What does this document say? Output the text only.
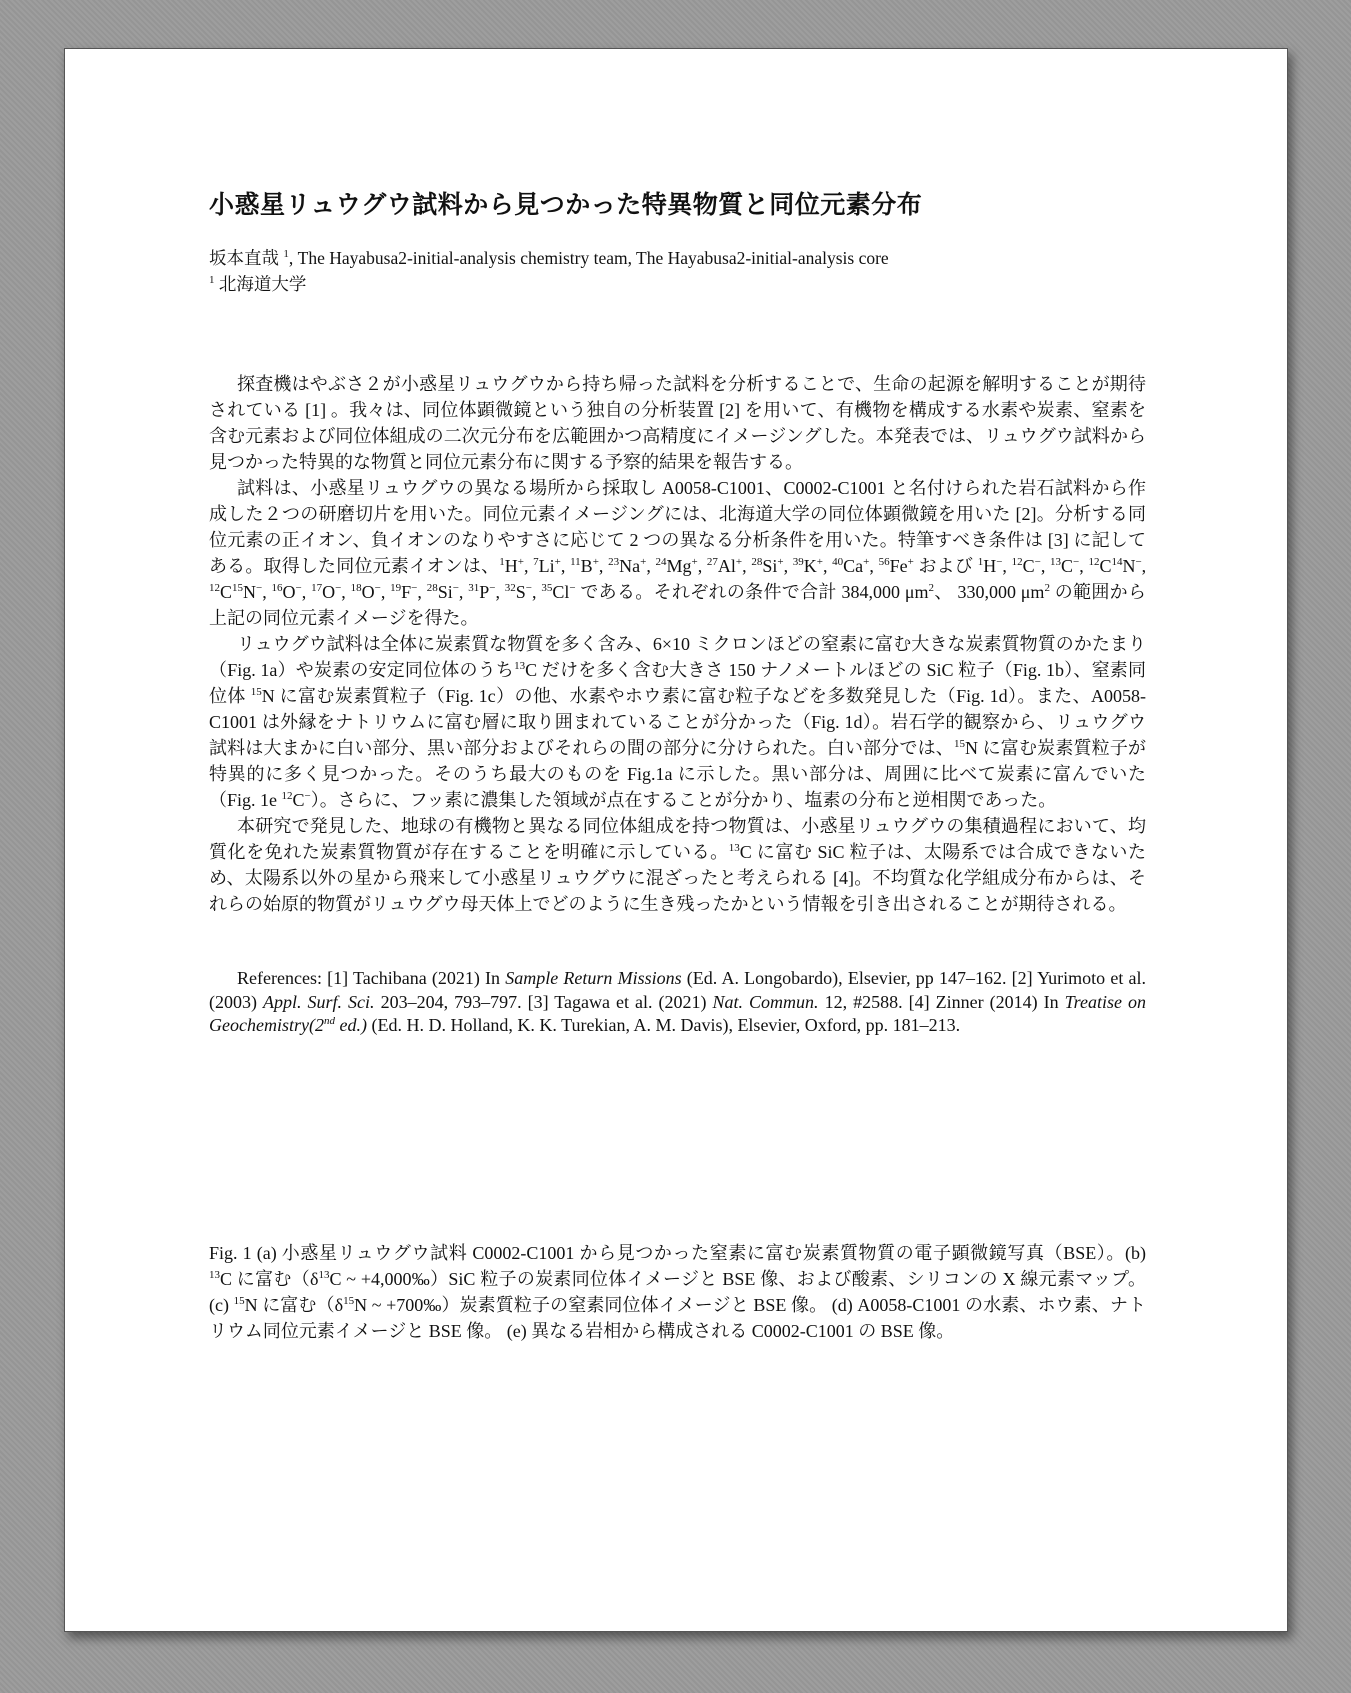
小惑星リュウグウ試料から見つかった特異物質と同位元素分布
坂本直哉 $^1$, The Hayabusa2-initial-analysis chemistry team, The Hayabusa2-initial-analysis core
$^1$ 北海道大学

探査機はやぶさ２が小惑星リュウグウから持ち帰った試料を分析することで、生命の起源を解明することが期待されている [1] 。我々は、同位体顕微鏡という独自の分析装置 [2] を用いて、有機物を構成する水素や炭素、窒素を含む元素および同位体組成の二次元分布を広範囲かつ高精度にイメージングした。本発表では、リュウグウ試料から見つかった特異的な物質と同位元素分布に関する予察的結果を報告する。

試料は、小惑星リュウグウの異なる場所から採取し A0058-C1001、C0002-C1001 と名付けられた岩石試料から作成した２つの研磨切片を用いた。同位元素イメージングには、北海道大学の同位体顕微鏡を用いた [2]。分析する同位元素の正イオン、負イオンのなりやすさに応じて 2 つの異なる分析条件を用いた。特筆すべき条件は [3] に記してある。取得した同位元素イオンは、$^1$H+, $^7$Li+, $^{11}$B+, $^{23}$Na+, $^{24}$Mg+, $^{27}$Al+, $^{28}$Si+, $^{39}$K+, $^{40}$Ca+, $^{56}$Fe+ および $^1$H−, $^{12}$C−, $^{13}$C−, $^{12}C^{14}N^-$, $^{12}C^{15}N^-$, $^{16}$O−, $^{17}$O−, $^{18}$O−, $^{19}$F−, $^{28}$Si−, $^{31}$P−, $^{32}$S−, $^{35}$Cl− である。それぞれの条件で合計 384,000 $\mu m^2$、 330,000 $\mu m^2$ の範囲から上記の同位元素イメージを得た。

リュウグウ試料は全体に炭素質な物質を多く含み、6×10 ミクロンほどの窒素に富む大きな炭素質物質のかたまり（Fig. 1a）や炭素の安定同位体のうち$^{13}$C だけを多く含む大きさ 150 ナノメートルほどの SiC 粒子（Fig. 1b）、窒素同位体 $^{15}$N に富む炭素質粒子（Fig. 1c）の他、水素やホウ素に富む粒子などを多数発見した（Fig. 1d）。また、A0058-C1001 は外縁をナトリウムに富む層に取り囲まれていることが分かった（Fig. 1d）。岩石学的観察から、リュウグウ試料は大まかに白い部分、黒い部分およびそれらの間の部分に分けられた。白い部分では、$^{15}$N に富む炭素質粒子が特異的に多く見つかった。そのうち最大のものを Fig.1a に示した。黒い部分は、周囲に比べて炭素に富んでいた（Fig. 1e $^{12}$C−）。さらに、フッ素に濃集した領域が点在することが分かり、塩素の分布と逆相関であった。

本研究で発見した、地球の有機物と異なる同位体組成を持つ物質は、小惑星リュウグウの集積過程において、均質化を免れた炭素質物質が存在することを明確に示している。$^{13}$C に富む SiC 粒子は、太陽系では合成できないため、太陽系以外の星から飛来して小惑星リュウグウに混ざったと考えられる [4]。不均質な化学組成分布からは、それらの始原的物質がリュウグウ母天体上でどのように生き残ったかという情報を引き出されることが期待される。

References: [1] Tachibana (2021) In Sample Return Missions (Ed. A. Longobardo), Elsevier, pp 147–162. [2] Yurimoto et al. (2003) Appl. Surf. Sci. 203–204, 793–797. [3] Tagawa et al. (2021) Nat. Commun. 12, #2588. [4] Zinner (2014) In Treatise on Geochemistry(2nd ed.) (Ed. H. D. Holland, K. K. Turekian, A. M. Davis), Elsevier, Oxford, pp. 181–213.
Fig. 1 (a) 小惑星リュウグウ試料 C0002-C1001 から見つかった窒素に富む炭素質物質の電子顕微鏡写真（BSE）。(b) $^{13}$C に富む（$\delta^{13}C$ ~ +4,000‰）SiC 粒子の炭素同位体イメージと BSE 像、および酸素、シリコンの X 線元素マップ。 (c) $^{15}$N に富む（$\delta^{15}N$ ~ +700‰）炭素質粒子の窒素同位体イメージと BSE 像。 (d) A0058-C1001 の水素、ホウ素、ナトリウム同位元素イメージと BSE 像。 (e) 異なる岩相から構成される C0002-C1001 の BSE 像。
